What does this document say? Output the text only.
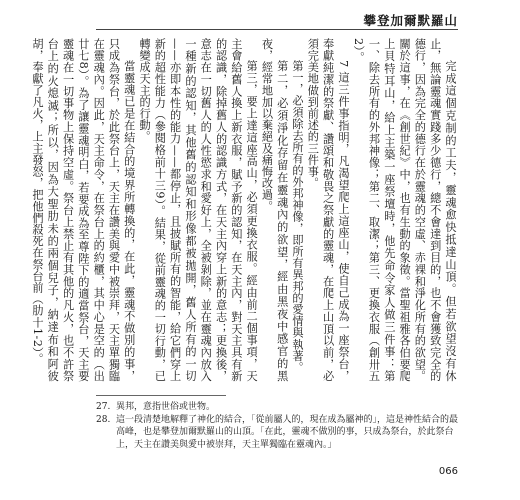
攀登加爾默羅山

完成這個克制的工夫，靈魂愈快抵達山頂。但若欲望沒有休止，無論靈魂實踐多少德行，總不會達到目的，也不會獲致完全的德行，因為完全的德行在於靈魂的空虛、赤裸和淨化所有的欲望。關於這事，在《創世紀》中，也有生動的象徵。當聖祖雅各伯要爬上貝特耳山，給上主築一座祭壇時，他先命令家人做三件事：第一、除去所有的外邦神像；第二、取潔；第三、更換衣服（創卅五2）。

7 這三件事指明，凡渴望爬上這座山，使自己成為一座祭台，奉獻純潔的祭獻、讚頌和敬畏之祭獻的靈魂，在爬上山頂以前，必須完美地做到前述的三件事。

第一，必須除去所有的外邦神像，即所有異邦的愛情與執著。

第二，必須淨化存留在靈魂內的欲望，經由黑夜中感官的黑夜，經常地加以棄絕及痛悔改過。

第三，要上達這座高山，必須更換衣服。經由前二個事項，天主會給舊人換上新衣服，賦予新的認知，在天主內，對天主具有新的認識，除掉舊人的認識方式，在天主內穿上新的意志；更換後，意志在一切舊人的人性慾求和愛好上，全被剝除，並在靈魂內放入一種新的認知，其他舊的認知和形像都被拋開，舊人所有的一切——亦即本性的能力——都停止，且披賦所有的智能，給它們穿上新的超性能力（參閱格前十三9）。結果，從前靈魂的一切行動，已轉變成天主的行動。

當靈魂已是在結合的境界所轉換的，在此，靈魂不做別的事，只成為祭台，於此祭台上，天主在讚美與愛中被崇拜，天主單獨臨在靈魂內。因此，天主命令，在祭台上的約櫃，其中心是空的（出廿七8）。為了讓靈魂明白，若要成為至尊陛下的適當祭台，天主要靈魂在一切事物上保持空虛。祭台上禁止有其他的凡火，也不許祭台上的火熄滅；所以，因為大聖肋未的兩個兒子，納達布和阿彼胡，奉獻了凡火，上主發怒，把他們殺死在祭台前（肋十1-2）。

27. 異邦，意指世俗或世物。
28. 這一段清楚地解釋了神化的結合，「從前屬人的，現在成為屬神的」，這是神性結合的最高峰，也是攀登加爾默羅山的山頂。「在此，靈魂不做別的事，只成為祭台，於此祭台上，天主在讚美與愛中被崇拜，天主單獨臨在靈魂內。」
066
